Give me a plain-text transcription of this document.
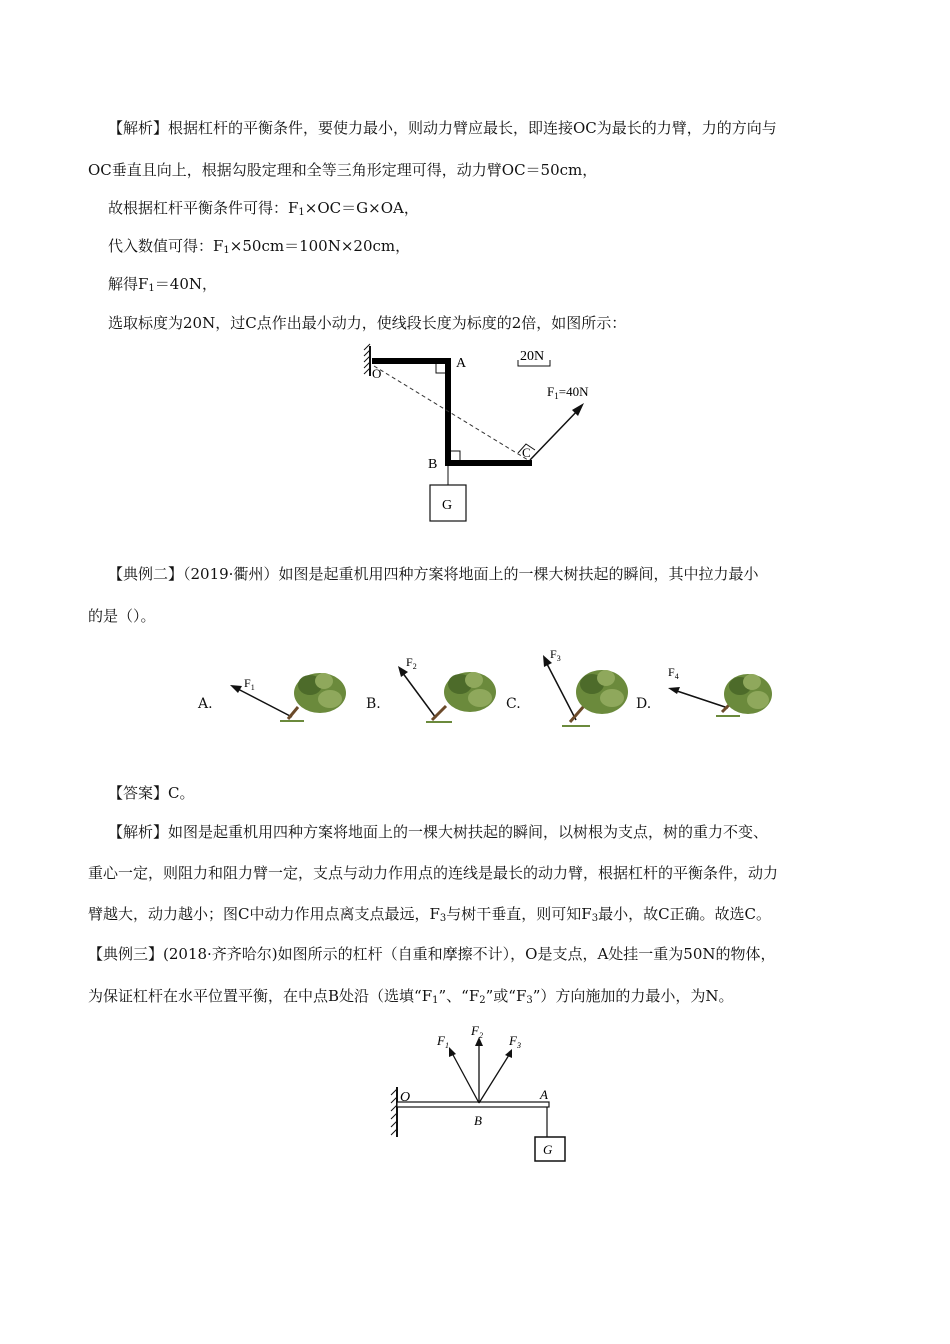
【解析】根据杠杆的平衡条件，要使力最小，则动力臂应最长，即连接OC为最长的力臂，力的方向与
OC垂直且向上，根据勾股定理和全等三角形定理可得，动力臂OC＝50cm，
故根据杠杆平衡条件可得：$F_1\times OC=G\times OA$，
代入数值可得：$F_1\times 50cm=100N\times 20cm$，
解得$F_1=40N$，
选取标度为20N，过C点作出最小动力，使线段长度为标度的2倍，如图所示：
20N
O
A
B
C
$F_1=40N$
G
【典例二】（2019·衢州）如图是起重机用四种方案将地面上的一棵大树扶起的瞬间，其中拉力最小
的是（）。
A.
$F_1$
B.
$F_2$
C.
$F_3$
D.
$F_4$
【答案】C。
【解析】如图是起重机用四种方案将地面上的一棵大树扶起的瞬间，以树根为支点，树的重力不变、
重心一定，则阻力和阻力臂一定，支点与动力作用点的连线是最长的动力臂，根据杠杆的平衡条件，动力
臂越大，动力越小；图C中动力作用点离支点最远，$F_3$与树干垂直，则可知$F_3$最小，故C正确。故选C。
【典例三】(2018·齐齐哈尔)如图所示的杠杆（自重和摩擦不计），O是支点，A处挂一重为50N的物体，
为保证杠杆在水平位置平衡，在中点B处沿（选填“$F_1$”、“$F_2$”或“$F_3$”）方向施加的力最小，为N。
$F_1$
$F_2$ $F_3$
O	A
B
G
